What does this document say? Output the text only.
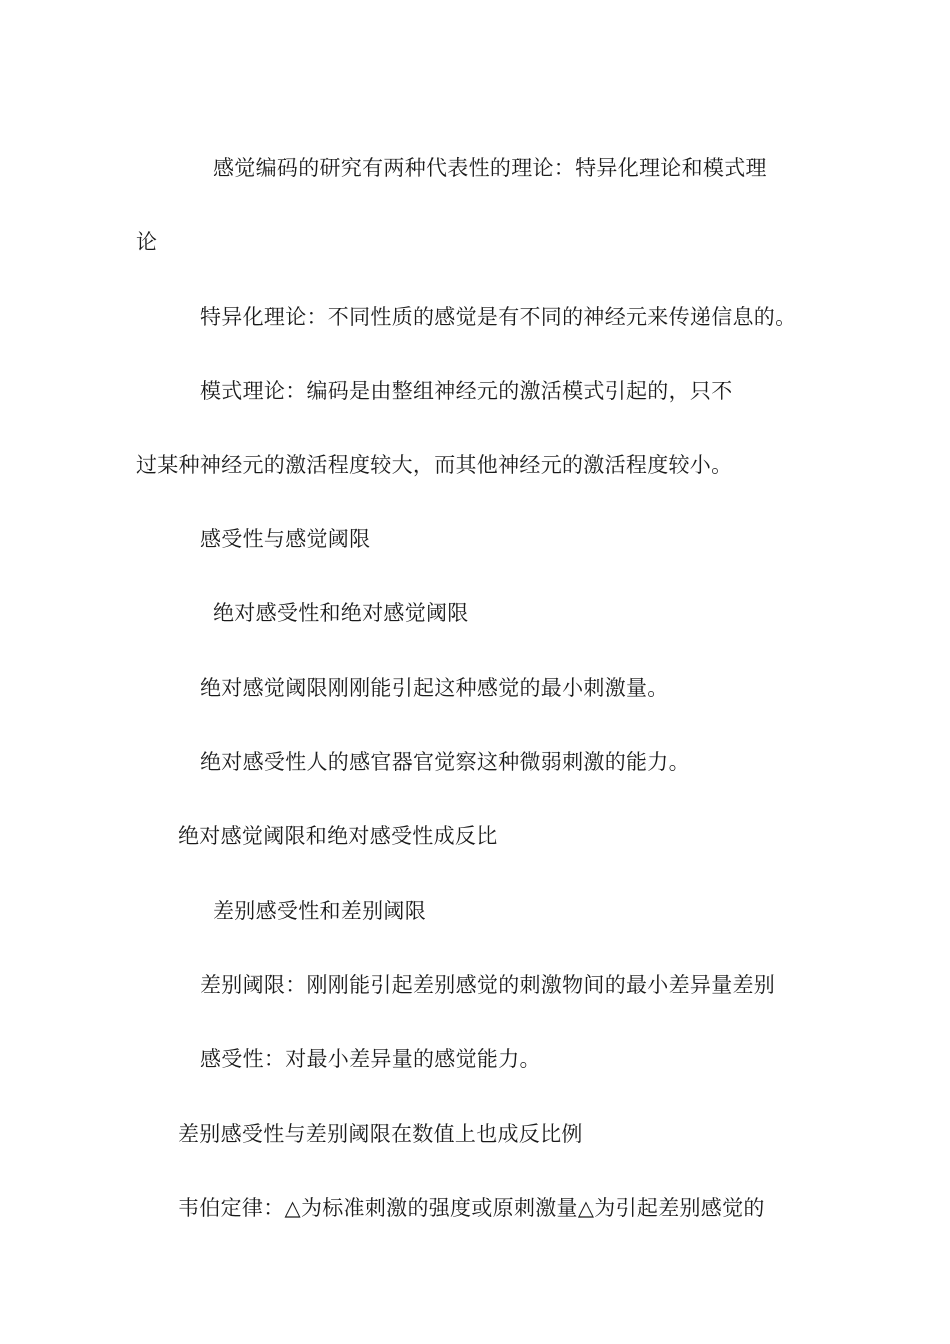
感觉编码的研究有两种代表性的理论：特异化理论和模式理
论
特异化理论：不同性质的感觉是有不同的神经元来传递信息的。
模式理论：编码是由整组神经元的激活模式引起的，只不
过某种神经元的激活程度较大，而其他神经元的激活程度较小。
感受性与感觉阈限
绝对感受性和绝对感觉阈限
绝对感觉阈限刚刚能引起这种感觉的最小刺激量。
绝对感受性人的感官器官觉察这种微弱刺激的能力。
绝对感觉阈限和绝对感受性成反比
差别感受性和差别阈限
差别阈限：刚刚能引起差别感觉的刺激物间的最小差异量差别
感受性：对最小差异量的感觉能力。
差别感受性与差别阈限在数值上也成反比例
韦伯定律：△为标准刺激的强度或原刺激量△为引起差别感觉的
